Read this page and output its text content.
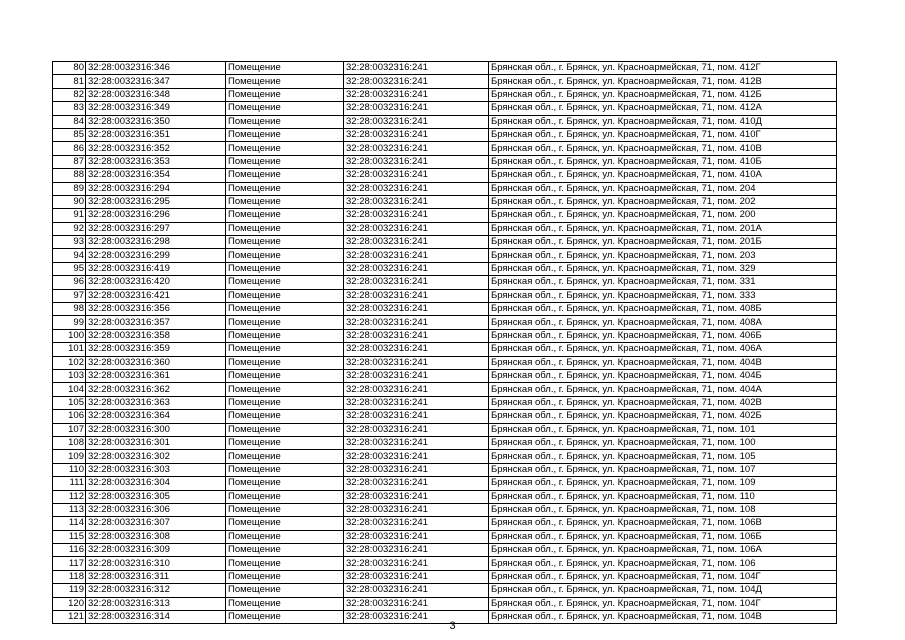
80	32:28:0032316:346	Помещение	32:28:0032316:241	Брянская обл., г. Брянск, ул. Красноармейская, 71, пом. 412Г
81	32:28:0032316:347	Помещение	32:28:0032316:241	Брянская обл., г. Брянск, ул. Красноармейская, 71, пом. 412В
82	32:28:0032316:348	Помещение	32:28:0032316:241	Брянская обл., г. Брянск, ул. Красноармейская, 71, пом. 412Б
83	32:28:0032316:349	Помещение	32:28:0032316:241	Брянская обл., г. Брянск, ул. Красноармейская, 71, пом. 412А
84	32:28:0032316:350	Помещение	32:28:0032316:241	Брянская обл., г. Брянск, ул. Красноармейская, 71, пом. 410Д
85	32:28:0032316:351	Помещение	32:28:0032316:241	Брянская обл., г. Брянск, ул. Красноармейская, 71, пом. 410Г
86	32:28:0032316:352	Помещение	32:28:0032316:241	Брянская обл., г. Брянск, ул. Красноармейская, 71, пом. 410В
87	32:28:0032316:353	Помещение	32:28:0032316:241	Брянская обл., г. Брянск, ул. Красноармейская, 71, пом. 410Б
88	32:28:0032316:354	Помещение	32:28:0032316:241	Брянская обл., г. Брянск, ул. Красноармейская, 71, пом. 410А
89	32:28:0032316:294	Помещение	32:28:0032316:241	Брянская обл., г. Брянск, ул. Красноармейская, 71, пом. 204
90	32:28:0032316:295	Помещение	32:28:0032316:241	Брянская обл., г. Брянск, ул. Красноармейская, 71, пом. 202
91	32:28:0032316:296	Помещение	32:28:0032316:241	Брянская обл., г. Брянск, ул. Красноармейская, 71, пом. 200
92	32:28:0032316:297	Помещение	32:28:0032316:241	Брянская обл., г. Брянск, ул. Красноармейская, 71, пом. 201А
93	32:28:0032316:298	Помещение	32:28:0032316:241	Брянская обл., г. Брянск, ул. Красноармейская, 71, пом. 201Б
94	32:28:0032316:299	Помещение	32:28:0032316:241	Брянская обл., г. Брянск, ул. Красноармейская, 71, пом. 203
95	32:28:0032316:419	Помещение	32:28:0032316:241	Брянская обл., г. Брянск, ул. Красноармейская, 71, пом. 329
96	32:28:0032316:420	Помещение	32:28:0032316:241	Брянская обл., г. Брянск, ул. Красноармейская, 71, пом. 331
97	32:28:0032316:421	Помещение	32:28:0032316:241	Брянская обл., г. Брянск, ул. Красноармейская, 71, пом. 333
98	32:28:0032316:356	Помещение	32:28:0032316:241	Брянская обл., г. Брянск, ул. Красноармейская, 71, пом. 408Б
99	32:28:0032316:357	Помещение	32:28:0032316:241	Брянская обл., г. Брянск, ул. Красноармейская, 71, пом. 408А
100	32:28:0032316:358	Помещение	32:28:0032316:241	Брянская обл., г. Брянск, ул. Красноармейская, 71, пом. 406Б
101	32:28:0032316:359	Помещение	32:28:0032316:241	Брянская обл., г. Брянск, ул. Красноармейская, 71, пом. 406А
102	32:28:0032316:360	Помещение	32:28:0032316:241	Брянская обл., г. Брянск, ул. Красноармейская, 71, пом. 404В
103	32:28:0032316:361	Помещение	32:28:0032316:241	Брянская обл., г. Брянск, ул. Красноармейская, 71, пом. 404Б
104	32:28:0032316:362	Помещение	32:28:0032316:241	Брянская обл., г. Брянск, ул. Красноармейская, 71, пом. 404А
105	32:28:0032316:363	Помещение	32:28:0032316:241	Брянская обл., г. Брянск, ул. Красноармейская, 71, пом. 402В
106	32:28:0032316:364	Помещение	32:28:0032316:241	Брянская обл., г. Брянск, ул. Красноармейская, 71, пом. 402Б
107	32:28:0032316:300	Помещение	32:28:0032316:241	Брянская обл., г. Брянск, ул. Красноармейская, 71, пом. 101
108	32:28:0032316:301	Помещение	32:28:0032316:241	Брянская обл., г. Брянск, ул. Красноармейская, 71, пом. 100
109	32:28:0032316:302	Помещение	32:28:0032316:241	Брянская обл., г. Брянск, ул. Красноармейская, 71, пом. 105
110	32:28:0032316:303	Помещение	32:28:0032316:241	Брянская обл., г. Брянск, ул. Красноармейская, 71, пом. 107
111	32:28:0032316:304	Помещение	32:28:0032316:241	Брянская обл., г. Брянск, ул. Красноармейская, 71, пом. 109
112	32:28:0032316:305	Помещение	32:28:0032316:241	Брянская обл., г. Брянск, ул. Красноармейская, 71, пом. 110
113	32:28:0032316:306	Помещение	32:28:0032316:241	Брянская обл., г. Брянск, ул. Красноармейская, 71, пом. 108
114	32:28:0032316:307	Помещение	32:28:0032316:241	Брянская обл., г. Брянск, ул. Красноармейская, 71, пом. 106В
115	32:28:0032316:308	Помещение	32:28:0032316:241	Брянская обл., г. Брянск, ул. Красноармейская, 71, пом. 106Б
116	32:28:0032316:309	Помещение	32:28:0032316:241	Брянская обл., г. Брянск, ул. Красноармейская, 71, пом. 106А
117	32:28:0032316:310	Помещение	32:28:0032316:241	Брянская обл., г. Брянск, ул. Красноармейская, 71, пом. 106
118	32:28:0032316:311	Помещение	32:28:0032316:241	Брянская обл., г. Брянск, ул. Красноармейская, 71, пом. 104Г
119	32:28:0032316:312	Помещение	32:28:0032316:241	Брянская обл., г. Брянск, ул. Красноармейская, 71, пом. 104Д
120	32:28:0032316:313	Помещение	32:28:0032316:241	Брянская обл., г. Брянск, ул. Красноармейская, 71, пом. 104Г
121	32:28:0032316:314	Помещение	32:28:0032316:241	Брянская обл., г. Брянск, ул. Красноармейская, 71, пом. 104В
3
